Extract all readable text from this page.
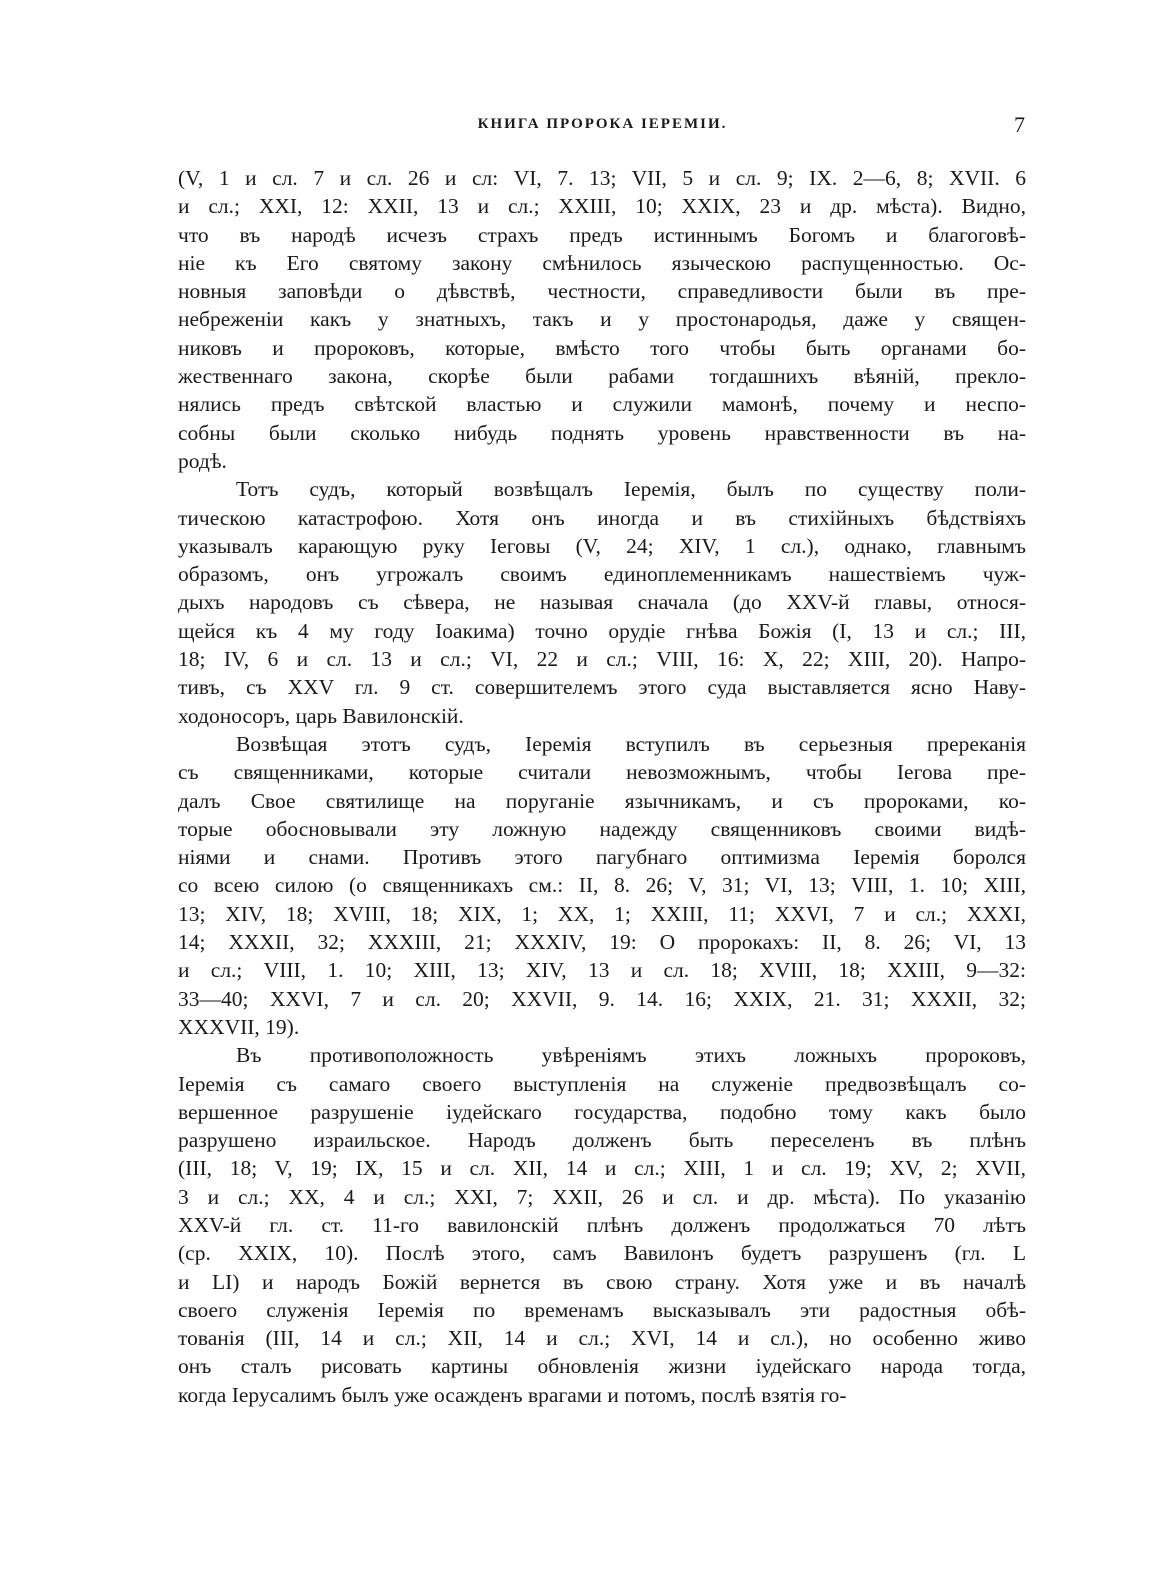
КНИГА ПРОРОКА ІЕРЕМІИ.	7
(V, 1 и сл. 7 и сл. 26 и сл: VI, 7. 13; VII, 5 и сл. 9; IX. 2—6, 8; XVII. 6
и сл.; XXI, 12: XXII, 13 и сл.; XXIII, 10; XXIX, 23 и др. мѣста). Видно,
что въ народѣ исчезъ страхъ предъ истиннымъ Богомъ и благоговѣ-
ніе къ Его святому закону смѣнилось языческою распущенностью. Ос-
новныя заповѣди о дѣвствѣ, честности, справедливости были въ пре-
небреженіи какъ у знатныхъ, такъ и у простонародья, даже у священ-
никовъ и пророковъ, которые, вмѣсто того чтобы быть органами бо-
жественнаго закона, скорѣе были рабами тогдашнихъ вѣяній, прекло-
нялись предъ свѣтской властью и служили мамонѣ, почему и неспо-
собны были сколько нибудь поднять уровень нравственности въ на-
родѣ.
Тотъ судъ, который возвѣщалъ Іеремія, былъ по существу поли-
тическою катастрофою. Хотя онъ иногда и въ стихійныхъ бѣдствіяхъ
указывалъ карающую руку Іеговы (V, 24; XIV, 1 сл.), однако, главнымъ
образомъ, онъ угрожалъ своимъ единоплеменникамъ нашествіемъ чуж-
дыхъ народовъ съ сѣвера, не называя сначала (до XXV-й главы, относя-
щейся къ 4 му году Іоакима) точно орудіе гнѣва Божія (I, 13 и сл.; III,
18; IV, 6 и сл. 13 и сл.; VI, 22 и сл.; VIII, 16: X, 22; XIII, 20). Напро-
тивъ, съ XXV гл. 9 ст. совершителемъ этого суда выставляется ясно Наву-
ходоносоръ, царь Вавилонскій.
Возвѣщая этотъ судъ, Іеремія вступилъ въ серьезныя пререканія
съ священниками, которые считали невозможнымъ, чтобы Іегова пре-
далъ Свое святилище на поруганіе язычникамъ, и съ пророками, ко-
торые обосновывали эту ложную надежду священниковъ своими видѣ-
ніями и снами. Противъ этого пагубнаго оптимизма Іеремія боролся
со всею силою (о священникахъ см.: II, 8. 26; V, 31; VI, 13; VIII, 1. 10; XIII,
13; XIV, 18; XVIII, 18; XIX, 1; XX, 1; XXIII, 11; XXVI, 7 и сл.; XXXI,
14; XXXII, 32; XXXIII, 21; XXXIV, 19: О пророкахъ: II, 8. 26; VI, 13
и сл.; VIII, 1. 10; XIII, 13; XIV, 13 и сл. 18; XVIII, 18; XXIII, 9—32:
33—40; XXVI, 7 и сл. 20; XXVII, 9. 14. 16; XXIX, 21. 31; XXXII, 32;
XXXVII, 19).
Въ противоположность увѣреніямъ этихъ ложныхъ пророковъ,
Іеремія съ самаго своего выступленія на служеніе предвозвѣщалъ со-
вершенное разрушеніе іудейскаго государства, подобно тому какъ было
разрушено израильское. Народъ долженъ быть переселенъ въ плѣнъ
(III, 18; V, 19; IX, 15 и сл. XII, 14 и сл.; XIII, 1 и сл. 19; XV, 2; XVII,
3 и сл.; XX, 4 и сл.; XXI, 7; XXII, 26 и сл. и др. мѣста). По указанію
XXV-й гл. ст. 11-го вавилонскій плѣнъ долженъ продолжаться 70 лѣтъ
(ср. XXIX, 10). Послѣ этого, самъ Вавилонъ будетъ разрушенъ (гл. L
и LI) и народъ Божій вернется въ свою страну. Хотя уже и въ началѣ
своего служенія Іеремія по временамъ высказывалъ эти радостныя обѣ-
тованія (III, 14 и сл.; XII, 14 и сл.; XVI, 14 и сл.), но особенно живо
онъ сталъ рисовать картины обновленія жизни іудейскаго народа тогда,
когда Іерусалимъ былъ уже осажденъ врагами и потомъ, послѣ взятія го-
